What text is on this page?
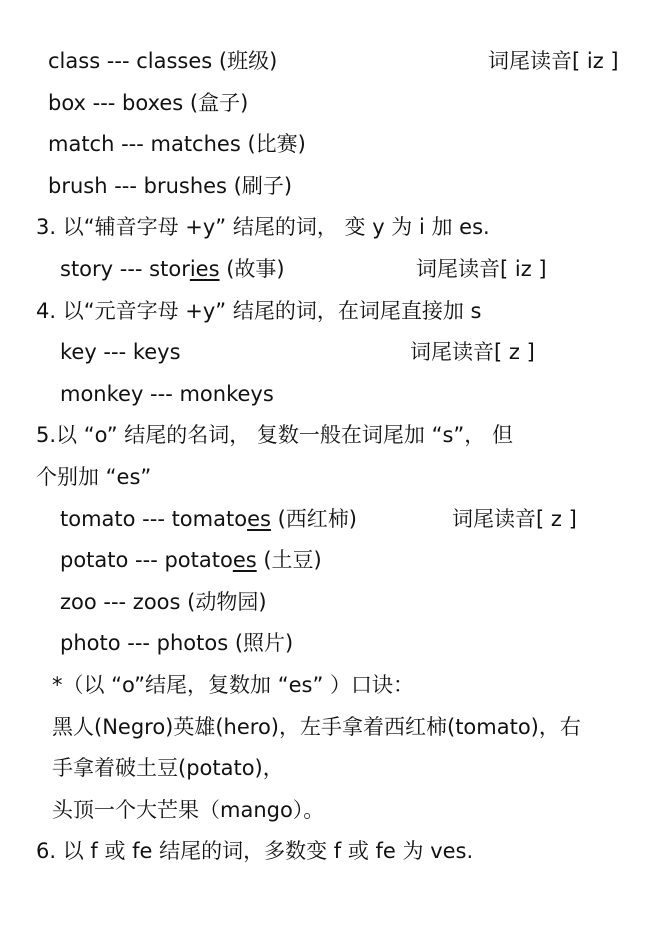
class --- classes (班级)	词尾读音[ iz ]
box --- boxes (盒子)
match --- matches (比赛)
brush --- brushes (刷子)
3. 以“辅音字母 +y” 结尾的词， 变 y 为 i 加 es.
story --- stories (故事)	词尾读音[ iz ]
4. 以“元音字母 +y” 结尾的词，在词尾直接加 s
key --- keys	词尾读音[ z ]
monkey --- monkeys
5.以 “o” 结尾的名词， 复数一般在词尾加 “s”， 但
个别加 “es”
tomato --- tomatoes (西红柿)	词尾读音[ z ]
potato --- potatoes (土豆)
zoo --- zoos (动物园)
photo --- photos (照片)
*（以 “o”结尾，复数加 “es” ）口诀：
黑人(Negro)英雄(hero)，左手拿着西红柿(tomato)，右
手拿着破土豆(potato)，
头顶一个大芒果（mango）。
6. 以 f 或 fe 结尾的词，多数变 f 或 fe 为 ves.
